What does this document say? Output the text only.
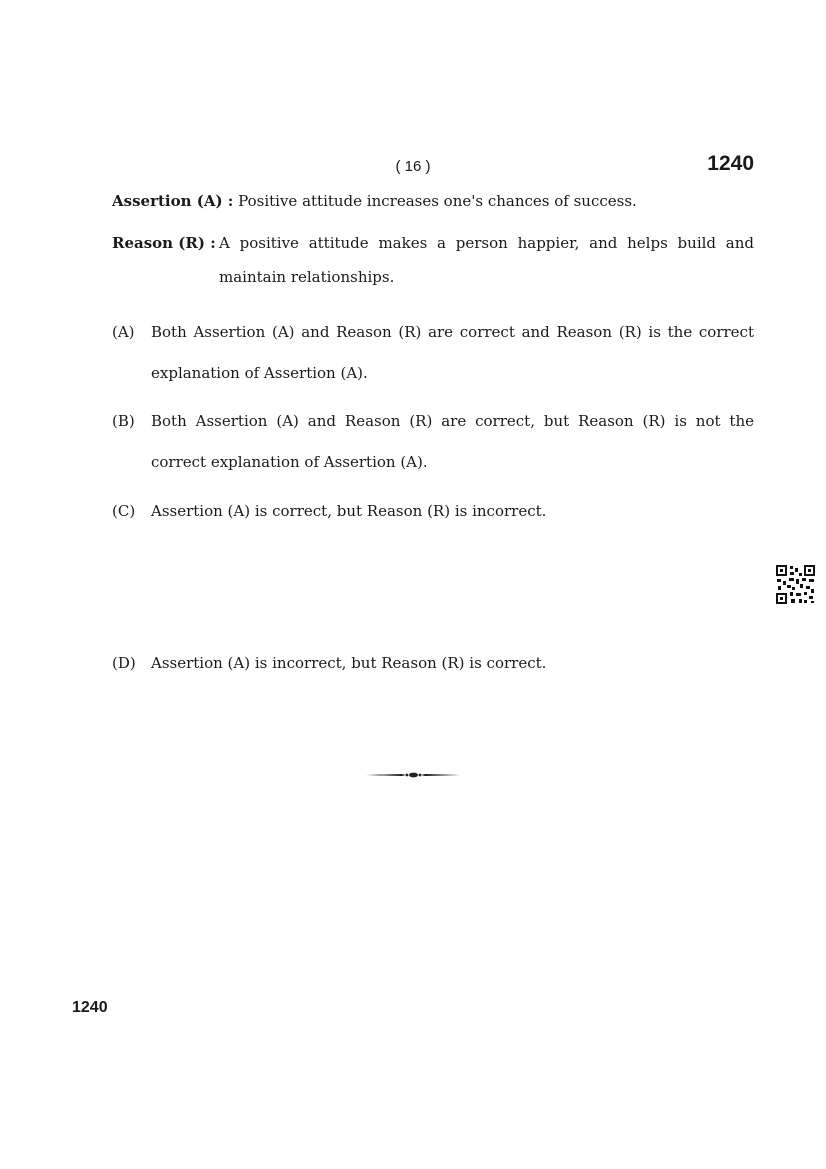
( 16 )	1240
Assertion (A) : Positive attitude increases one's chances of success.
Reason (R) : A positive attitude makes a person happier, and helps build and
maintain relationships.
(A) Both Assertion (A) and Reason (R) are correct and Reason (R) is the correct
explanation of Assertion (A).
(B) Both Assertion (A) and Reason (R) are correct, but Reason (R) is not the
correct explanation of Assertion (A).
(C) Assertion (A) is correct, but Reason (R) is incorrect.
(D) Assertion (A) is incorrect, but Reason (R) is correct.
1240
